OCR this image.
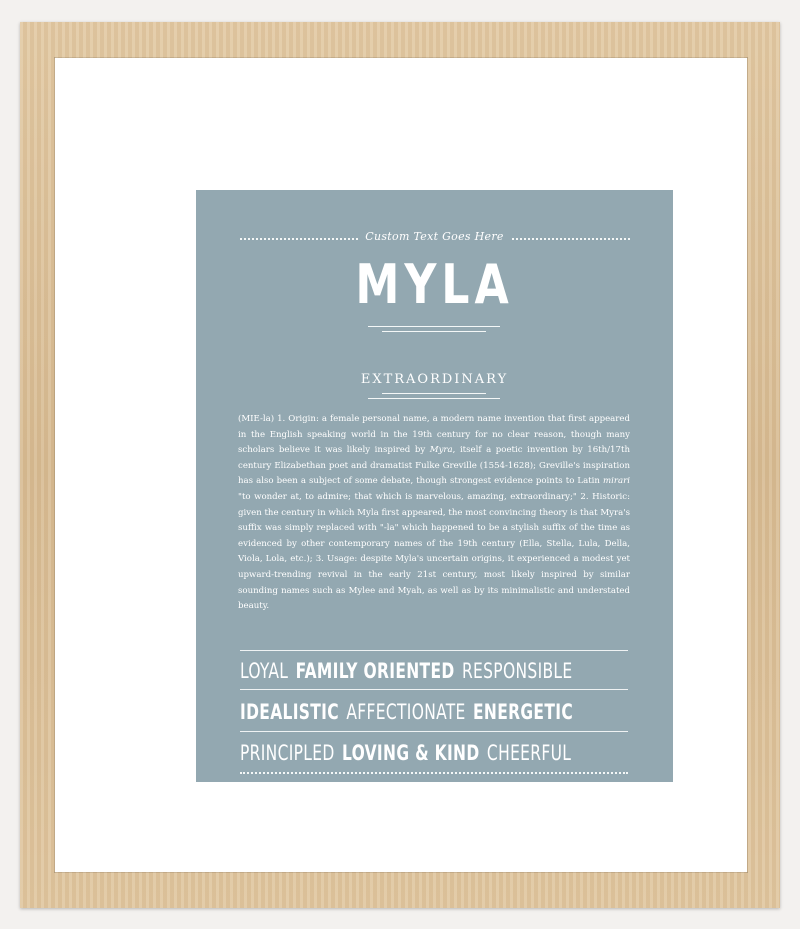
Custom Text Goes Here
MYLA
EXTRAORDINARY

(MIE-la) 1. Origin: a female personal name, a modern name invention that first appeared in the English speaking world in the 19th century for no clear reason, though many scholars believe it was likely inspired by Myra, itself a poetic invention by 16th/17th century Elizabethan poet and dramatist Fulke Greville (1554-1628); Greville's inspiration has also been a subject of some debate, though strongest evidence points to Latin mirari "to wonder at, to admire; that which is marvelous, amazing, extraordinary;" 2. Historic: given the century in which Myla first appeared, the most convincing theory is that Myra's suffix was simply replaced with "-la" which happened to be a stylish suffix of the time as evidenced by other contemporary names of the 19th century (Ella, Stella, Lula, Della, Viola, Lola, etc.); 3. Usage: despite Myla's uncertain origins, it experienced a modest yet upward-trending revival in the early 21st century, most likely inspired by similar sounding names such as Mylee and Myah, as well as by its minimalistic and understated beauty.

LOYAL FAMILY ORIENTED RESPONSIBLE
IDEALISTIC AFFECTIONATE ENERGETIC
PRINCIPLED LOVING & KIND CHEERFUL
